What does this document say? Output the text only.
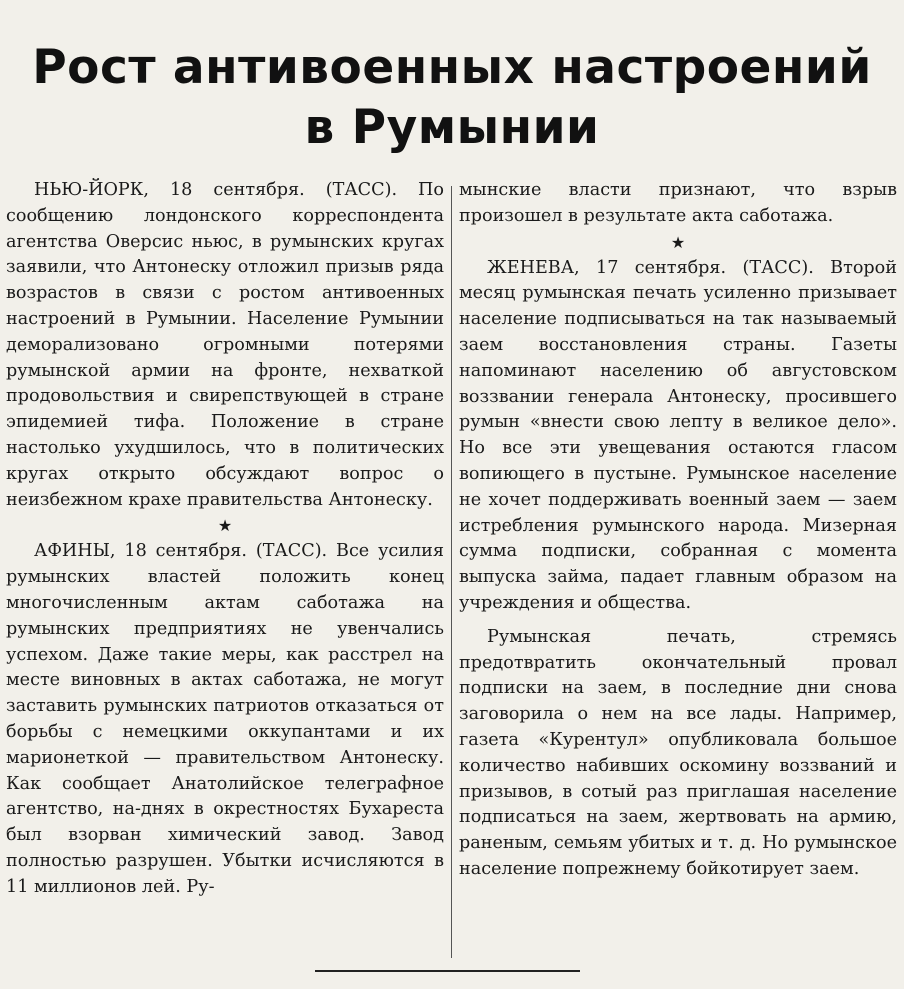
Рост антивоенных настроений
в Румынии

НЬЮ-ЙОРК, 18 сентября. (ТАСС). По сообщению лондонского корреспондента агентства Оверсис ньюс, в румынских кругах заявили, что Антонеску отложил призыв ряда возрастов в связи с ростом антивоенных настроений в Румынии. Население Румынии деморализовано огромными потерями румынской армии на фронте, нехваткой продовольствия и свирепствующей в стране эпидемией тифа. Положение в стране настолько ухудшилось, что в политических кругах открыто обсуждают вопрос о неизбежном крахе правительства Антонеску.

★

АФИНЫ, 18 сентября. (ТАСС). Все усилия румынских властей положить конец многочисленным актам саботажа на румынских предприятиях не увенчались успехом. Даже такие меры, как расстрел на месте виновных в актах саботажа, не могут заставить румынских патриотов отказаться от борьбы с немецкими оккупантами и их марионеткой — правительством Антонеску. Как сообщает Анатолийское телеграфное агентство, на-днях в окрестностях Бухареста был взорван химический завод. Завод полностью разрушен. Убытки исчисляются в 11 миллионов лей. Ру-

мынские власти признают, что взрыв произошел в результате акта саботажа.

★

ЖЕНЕВА, 17 сентября. (ТАСС). Второй месяц румынская печать усиленно призывает население подписываться на так называемый заем восстановления страны. Газеты напоминают населению об августовском воззвании генерала Антонеску, просившего румын «внести свою лепту в великое дело». Но все эти увещевания остаются гласом вопиющего в пустыне. Румынское население не хочет поддерживать военный заем — заем истребления румынского народа. Мизерная сумма подписки, собранная с момента выпуска займа, падает главным образом на учреждения и общества.

Румынская печать, стремясь предотвратить окончательный провал подписки на заем, в последние дни снова заговорила о нем на все лады. Например, газета «Курентул» опубликовала большое количество набивших оскомину воззваний и призывов, в сотый раз приглашая население подписаться на заем, жертвовать на армию, раненым, семьям убитых и т. д. Но румынское население попрежнему бойкотирует заем.
